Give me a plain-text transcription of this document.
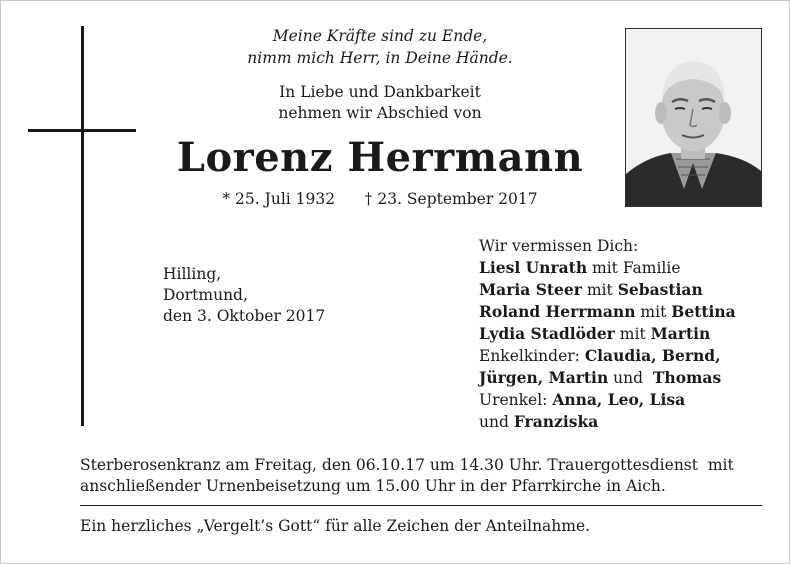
Meine Kräfte sind zu Ende,
nimm mich Herr, in Deine Hände.
In Liebe und Dankbarkeit
nehmen wir Abschied von
Lorenz Herrmann
* 25. Juli 1932      † 23. September 2017
Hilling,
Dortmund,
den 3. Oktober 2017
Wir vermissen Dich:
Liesl Unrath mit Familie
Maria Steer mit Sebastian
Roland Herrmann mit Bettina
Lydia Stadlöder mit Martin
Enkelkinder: Claudia, Bernd,
Jürgen, Martin und  Thomas
Urenkel: Anna, Leo, Lisa
und Franziska
Sterberosenkranz am Freitag, den 06.10.17 um 14.30 Uhr. Trauergottesdienst  mit
anschließender Urnenbeisetzung um 15.00 Uhr in der Pfarrkirche in Aich.
Ein herzliches „Vergelt’s Gott“ für alle Zeichen der Anteilnahme.
